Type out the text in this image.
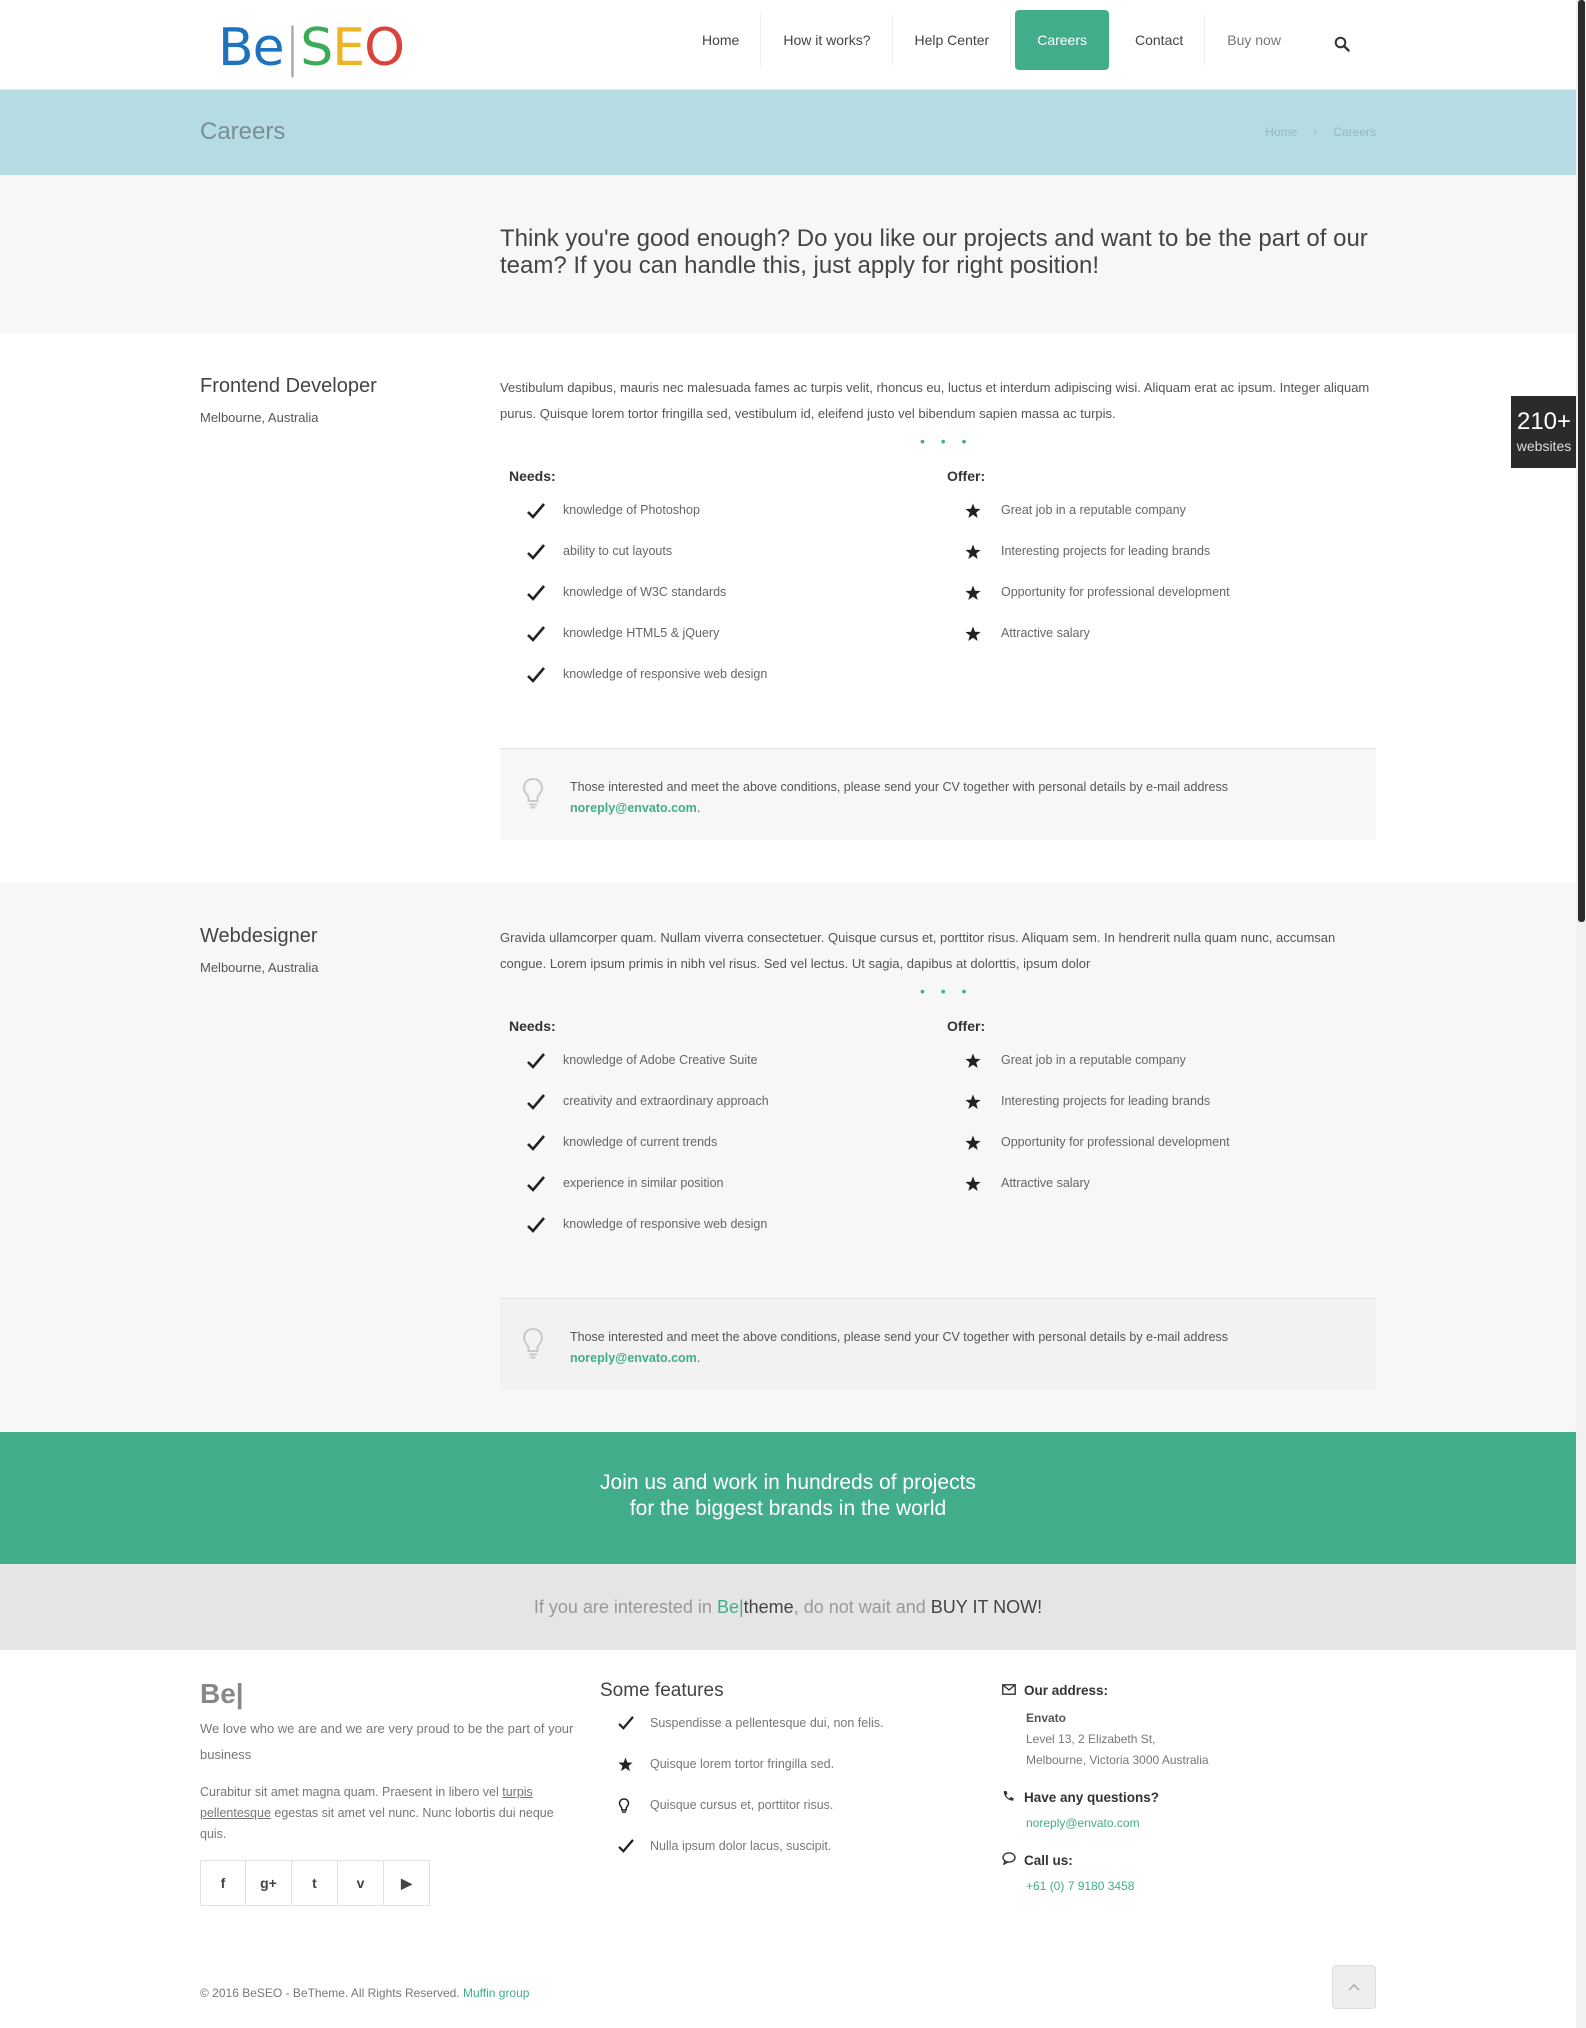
Be|SEO	Home	How it works?	Help Center	Careers	Contact	Buy now
Careers	Home › Careers

Think you're good enough? Do you like our projects and want to be the part of our team? If you can handle this, just apply for right position!

Frontend Developer
Melbourne, Australia

Vestibulum dapibus, mauris nec malesuada fames ac turpis velit, rhoncus eu, luctus et interdum adipiscing wisi. Aliquam erat ac ipsum. Integer aliquam purus. Quisque lorem tortor fringilla sed, vestibulum id, eleifend justo vel bibendum sapien massa ac turpis.

• • •
Needs:
knowledge of Photoshop
ability to cut layouts
knowledge of W3C standards
knowledge HTML5 & jQuery
knowledge of responsive web design
Offer:
Great job in a reputable company
Interesting projects for leading brands
Opportunity for professional development
Attractive salary

Those interested and meet the above conditions, please send your CV together with personal details by e-mail address
noreply@envato.com.

Webdesigner
Melbourne, Australia

Gravida ullamcorper quam. Nullam viverra consectetuer. Quisque cursus et, porttitor risus. Aliquam sem. In hendrerit nulla quam nunc, accumsan congue. Lorem ipsum primis in nibh vel risus. Sed vel lectus. Ut sagia, dapibus at dolorttis, ipsum dolor

• • •
Needs:
knowledge of Adobe Creative Suite
creativity and extraordinary approach
knowledge of current trends
experience in similar position
knowledge of responsive web design
Offer:
Great job in a reputable company
Interesting projects for leading brands
Opportunity for professional development
Attractive salary

Those interested and meet the above conditions, please send your CV together with personal details by e-mail address
noreply@envato.com.

Join us and work in hundreds of projects
for the biggest brands in the world

If you are interested in Be|theme, do not wait and BUY IT NOW!

Be|

We love who we are and we are very proud to be the part of your business

Curabitur sit amet magna quam. Praesent in libero vel turpis pellentesque egestas sit amet vel nunc. Nunc lobortis dui neque quis.

f	g+	t	v	▶
Some features
Suspendisse a pellentesque dui, non felis.
Quisque lorem tortor fringilla sed.
Quisque cursus et, porttitor risus.
Nulla ipsum dolor lacus, suscipit.
Our address:
Envato
Level 13, 2 Elizabeth St,
Melbourne, Victoria 3000 Australia
Have any questions?
noreply@envato.com
Call us:
+61 (0) 7 9180 3458
© 2016 BeSEO - BeTheme. All Rights Reserved. Muffin group
210+
websites
